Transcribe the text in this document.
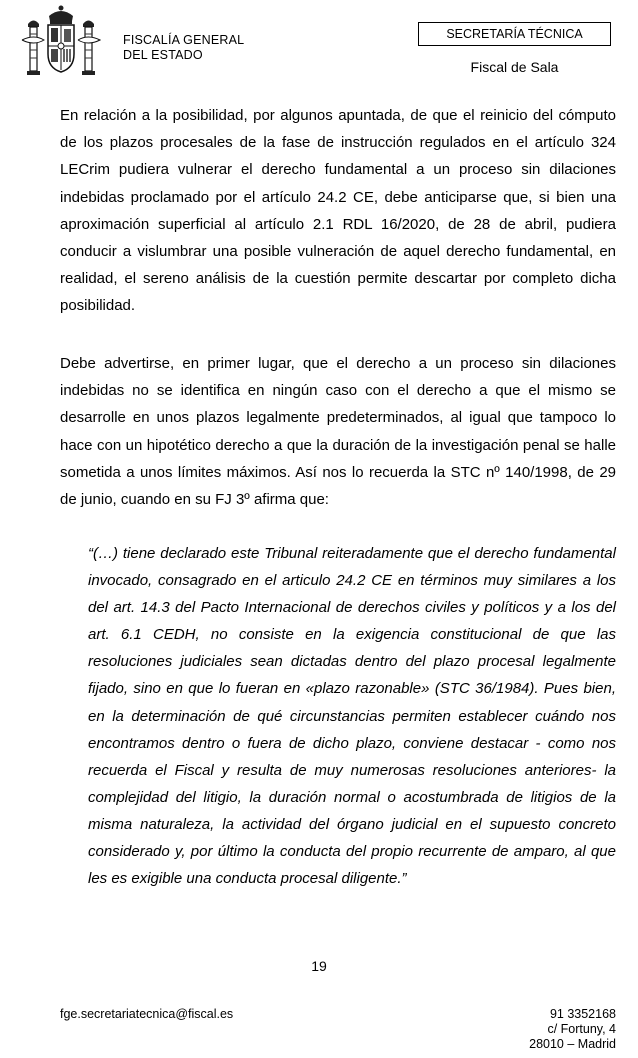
FISCALÍA GENERAL
DEL ESTADO
SECRETARÍA TÉCNICA
Fiscal de Sala

En relación a la posibilidad, por algunos apuntada, de que el reinicio del cómputo de los plazos procesales de la fase de instrucción regulados en el artículo 324 LECrim pudiera vulnerar el derecho fundamental a un proceso sin dilaciones indebidas proclamado por el artículo 24.2 CE, debe anticiparse que, si bien una aproximación superficial al artículo 2.1 RDL 16/2020, de 28 de abril, pudiera conducir a vislumbrar una posible vulneración de aquel derecho fundamental, en realidad, el sereno análisis de la cuestión permite descartar por completo dicha posibilidad.

Debe advertirse, en primer lugar, que el derecho a un proceso sin dilaciones indebidas no se identifica en ningún caso con el derecho a que el mismo se desarrolle en unos plazos legalmente predeterminados, al igual que tampoco lo hace con un hipotético derecho a que la duración de la investigación penal se halle sometida a unos límites máximos. Así nos lo recuerda la STC nº 140/1998, de 29 de junio, cuando en su FJ 3º afirma que:

“(…) tiene declarado este Tribunal reiteradamente que el derecho fundamental invocado, consagrado en el articulo 24.2 CE en términos muy similares a los del art. 14.3 del Pacto Internacional de derechos civiles y políticos y a los del art. 6.1 CEDH, no consiste en la exigencia constitucional de que las resoluciones judiciales sean dictadas dentro del plazo procesal legalmente fijado, sino en que lo fueran en «plazo razonable» (STC 36/1984). Pues bien, en la determinación de qué circunstancias permiten establecer cuándo nos encontramos dentro o fuera de dicho plazo, conviene destacar - como nos recuerda el Fiscal y resulta de muy numerosas resoluciones anteriores- la complejidad del litigio, la duración normal o acostumbrada de litigios de la misma naturaleza, la actividad del órgano judicial en el supuesto concreto considerado y, por último la conducta del propio recurrente de amparo, al que les es exigible una conducta procesal diligente.”

19
fge.secretariatecnica@fiscal.es	91 3352168
c/ Fortuny, 4
28010 – Madrid
